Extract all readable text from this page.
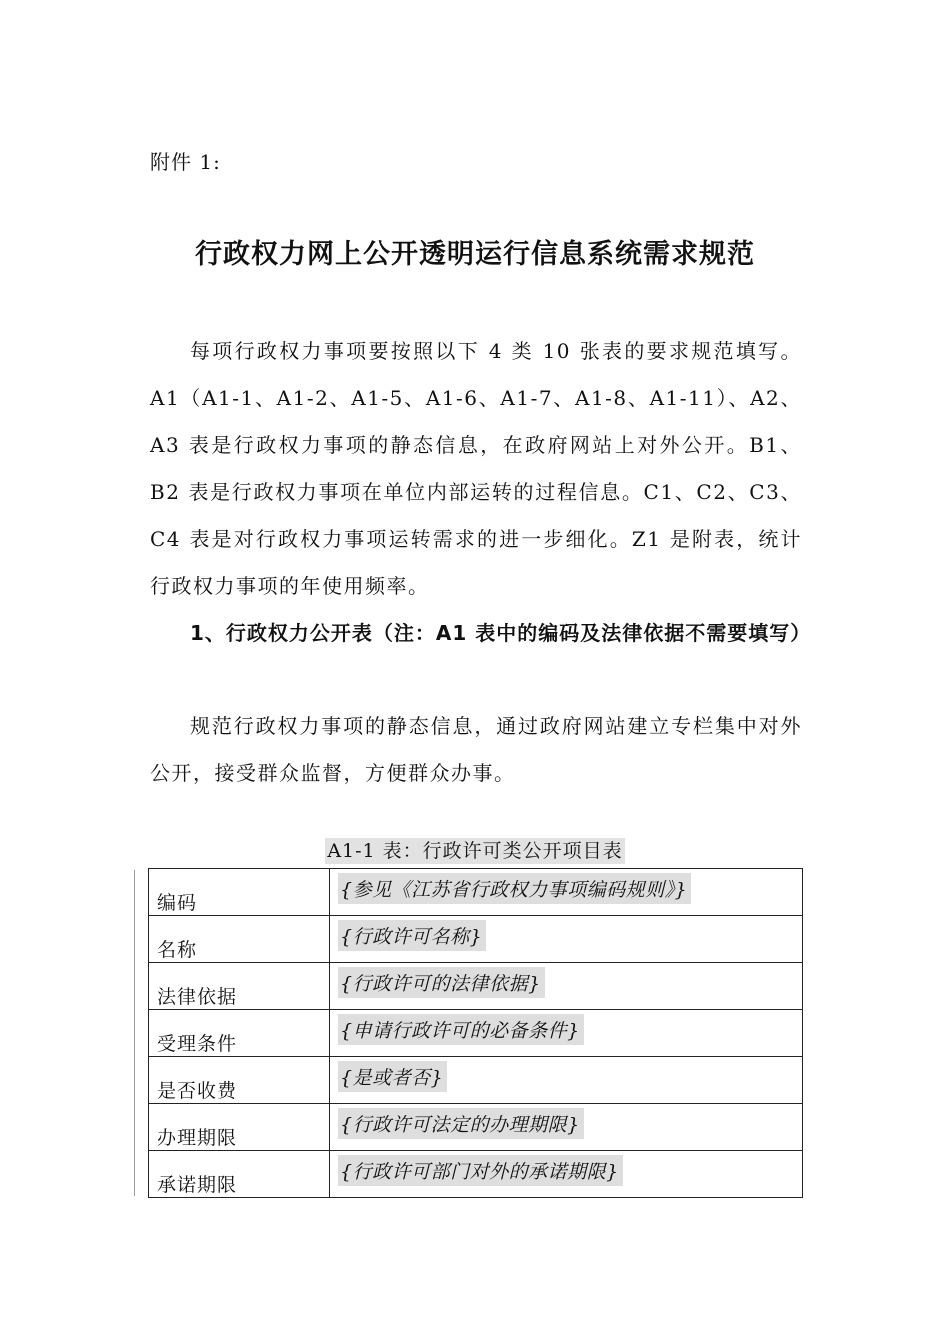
附件 1:
行政权力网上公开透明运行信息系统需求规范
每项行政权力事项要按照以下 4 类 10 张表的要求规范填写。A1（A1-1、A1-2、A1-5、A1-6、A1-7、A1-8、A1-11）、A2、A3 表是行政权力事项的静态信息，在政府网站上对外公开。B1、B2 表是行政权力事项在单位内部运转的过程信息。C1、C2、C3、C4 表是对行政权力事项运转需求的进一步细化。Z1 是附表，统计行政权力事项的年使用频率。
1、行政权力公开表（注：A1 表中的编码及法律依据不需要填写）
规范行政权力事项的静态信息，通过政府网站建立专栏集中对外公开，接受群众监督，方便群众办事。
A1-1 表：行政许可类公开项目表
编码	{参见《江苏省行政权力事项编码规则》}
名称	{行政许可名称}
法律依据	{行政许可的法律依据}
受理条件	{申请行政许可的必备条件}
是否收费	{是或者否}
办理期限	{行政许可法定的办理期限}
承诺期限	{行政许可部门对外的承诺期限}
